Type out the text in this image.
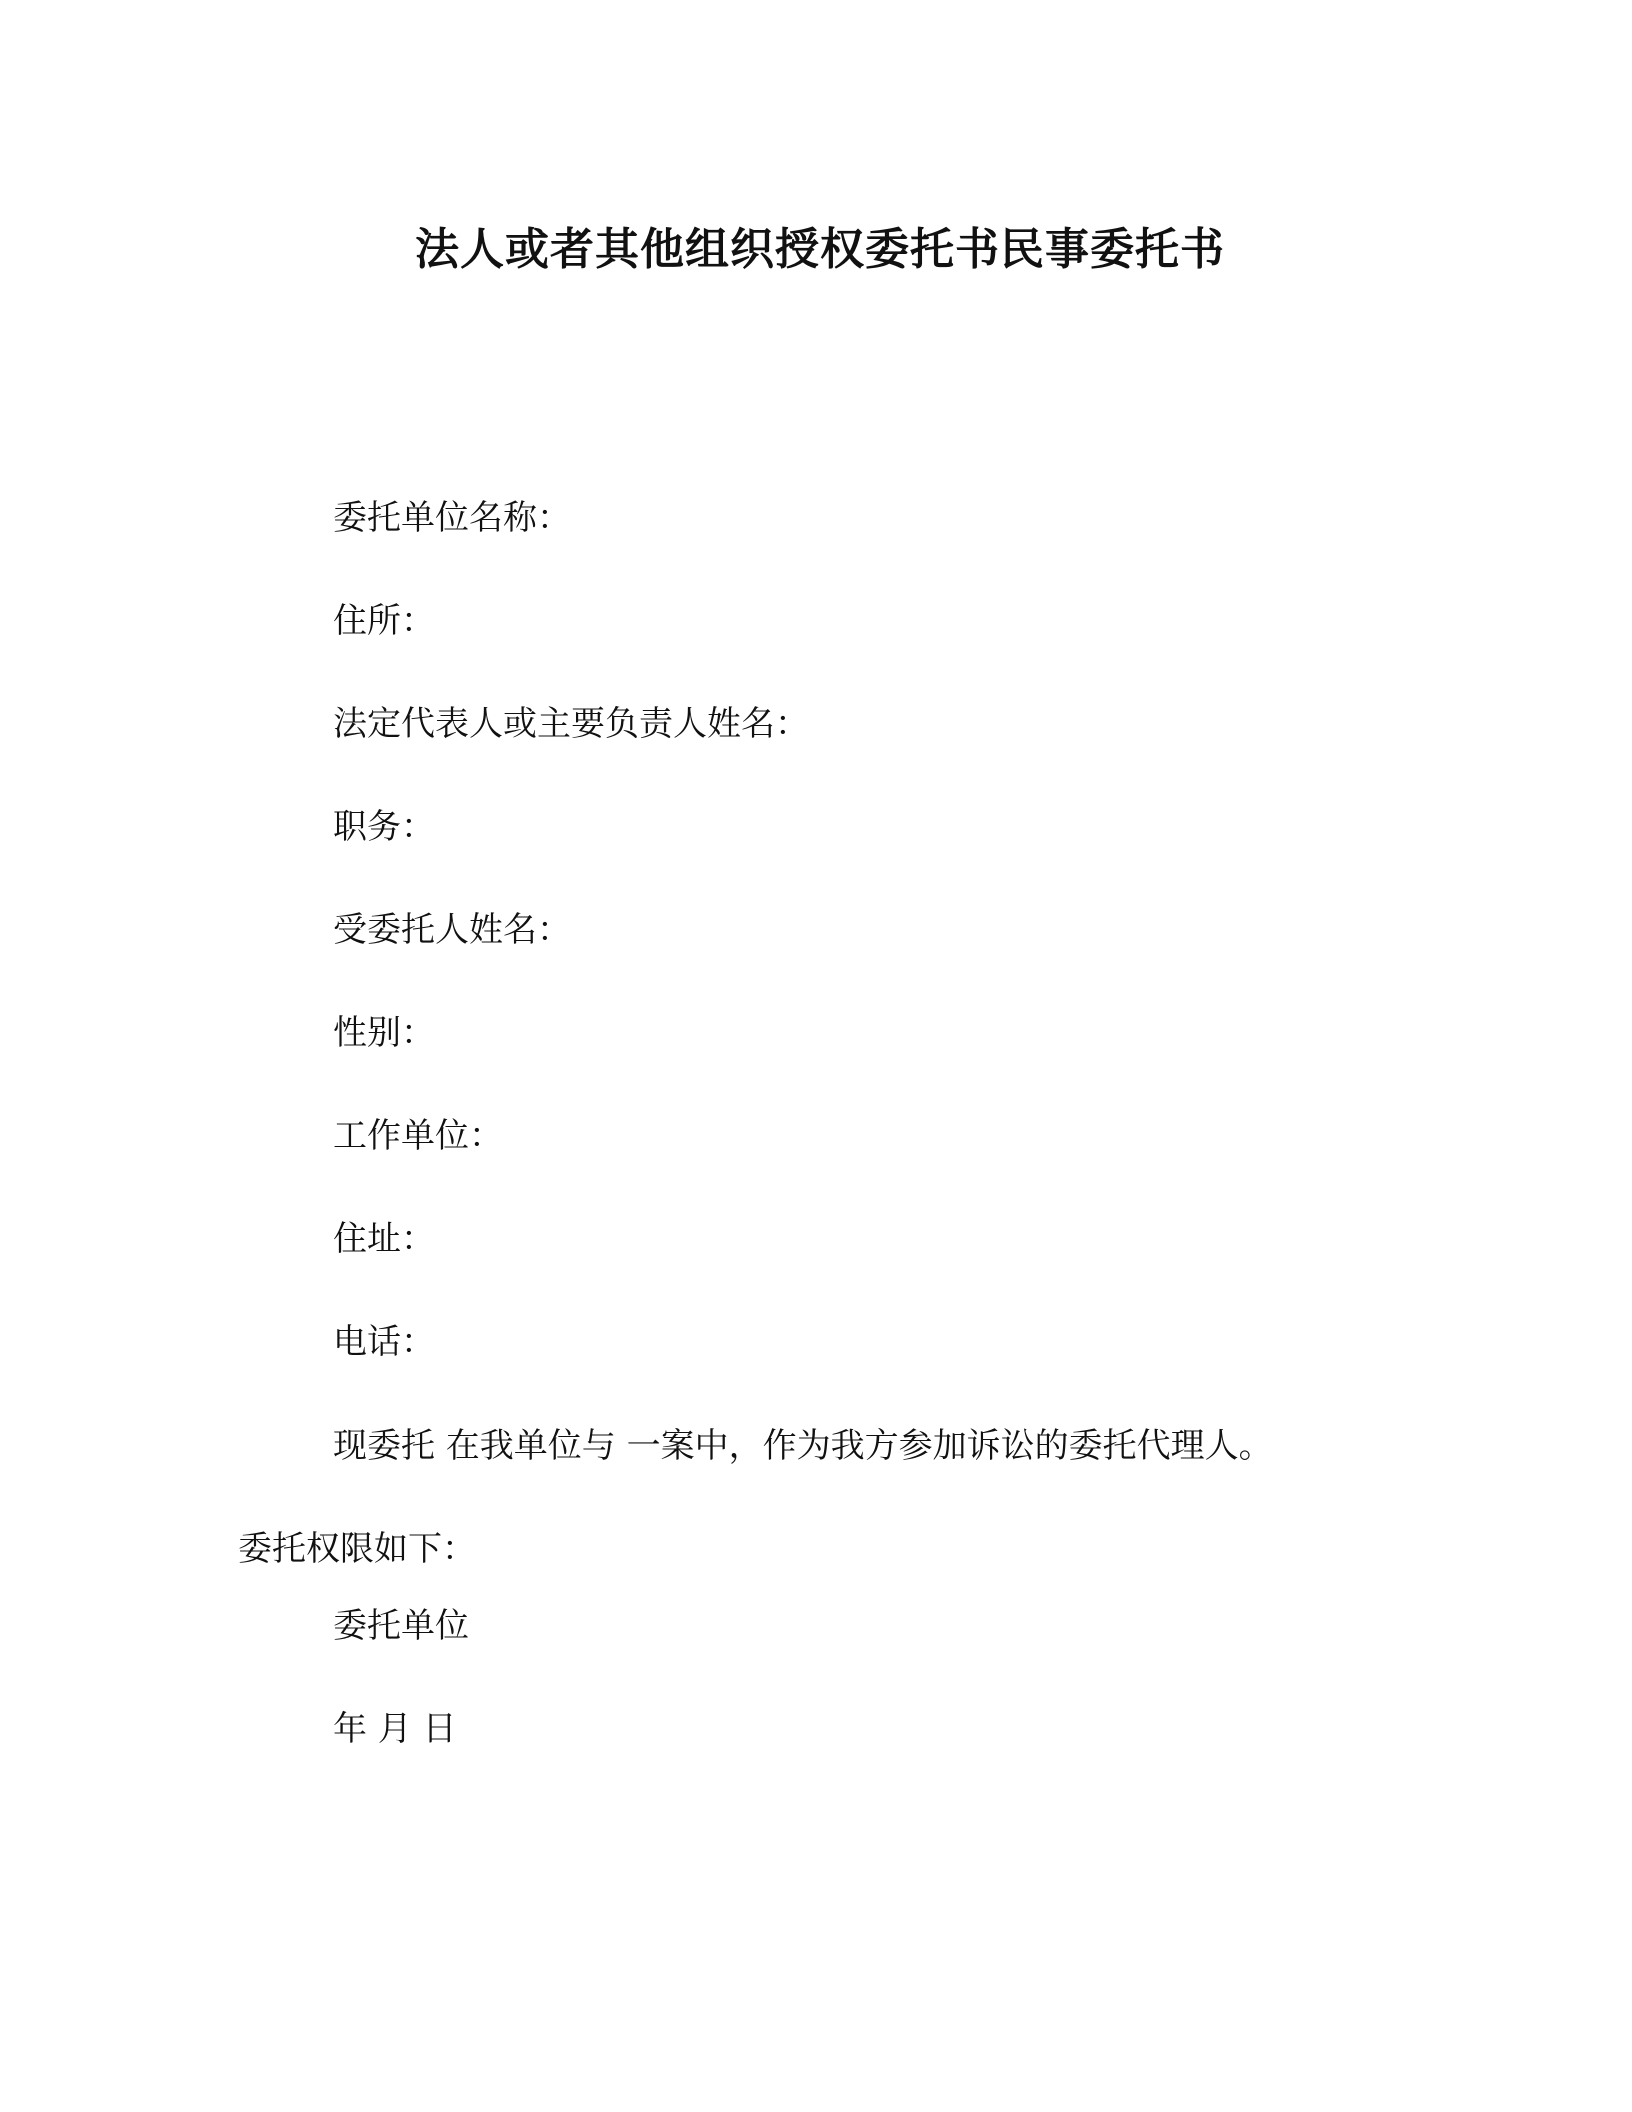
法人或者其他组织授权委托书民事委托书
委托单位名称：
住所：
法定代表人或主要负责人姓名：
职务：
受委托人姓名：
性别：
工作单位：
住址：
电话：
现委托 在我单位与 一案中，作为我方参加诉讼的委托代理人。
委托权限如下：
委托单位
年 月 日
